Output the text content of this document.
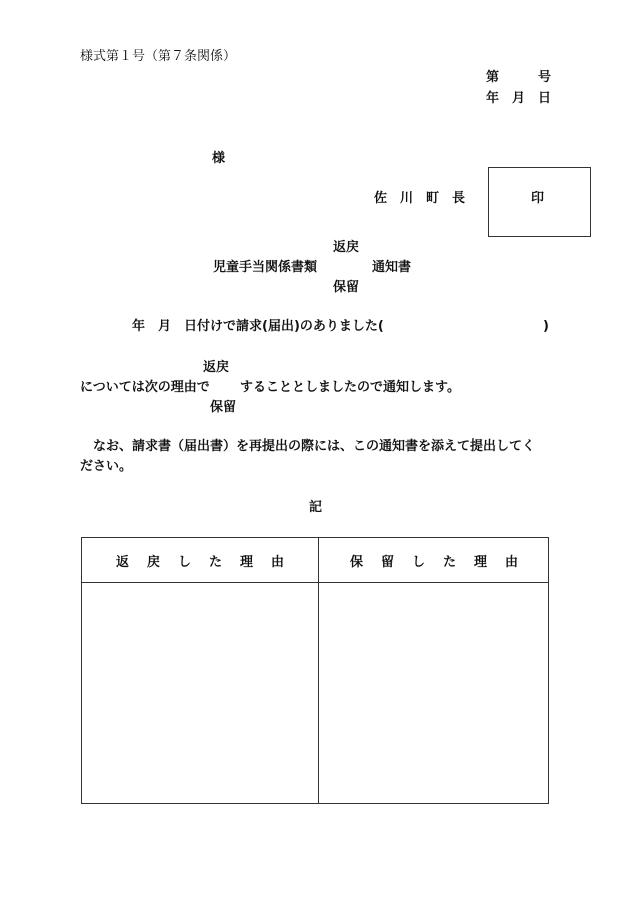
様式第１号（第７条関係）
第	号
年　月　日
様
佐　川　町　長	印
返戻
児童手当関係書類	通知書
保留
年　月　日付けで請求(届出)のありました(	)
返戻
については次の理由で することとしましたので通知します。
保留
なお、請求書（届出書）を再提出の際には、この通知書を添えて提出してく
ださい。
記
返戻した理由	保留した理由
